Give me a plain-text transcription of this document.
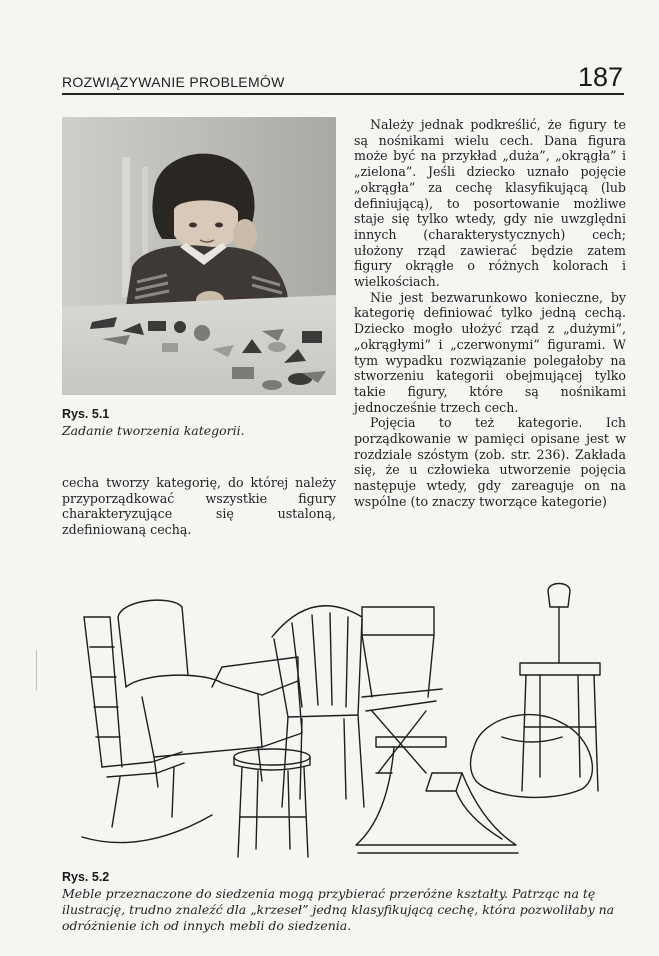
ROZWIĄZYWANIE PROBLEMÓW	187
Rys. 5.1
Zadanie tworzenia kategorii.

cecha tworzy kategorię, do której należy przyporządkować wszystkie figury charakteryzujące się ustaloną, zdefiniowaną cechą.

Należy jednak podkreślić, że figury te są nośnikami wielu cech. Dana figura może być na przykład „duża”, „okrągła” i „zielona”. Jeśli dziecko uznało pojęcie „okrągła” za cechę klasyfikującą (lub definiującą), to posortowanie możliwe staje się tylko wtedy, gdy nie uwzględni innych (charakterystycznych) cech; ułożony rząd zawierać będzie zatem figury okrągłe o różnych kolorach i wielkościach.

Nie jest bezwarunkowo konieczne, by kategorię definiować tylko jedną cechą. Dziecko mogło ułożyć rząd z „dużymi”, „okrągłymi” i „czerwonymi” figurami. W tym wypadku rozwiązanie polegałoby na stworzeniu kategorii obejmującej tylko takie figury, które są nośnikami jednocześnie trzech cech.

Pojęcia to też kategorie. Ich porządkowanie w pamięci opisane jest w rozdziale szóstym (zob. str. 236). Zakłada się, że u człowieka utworzenie pojęcia następuje wtedy, gdy zareaguje on na wspólne (to znaczy tworzące kategorie)

Rys. 5.2
Meble przeznaczone do siedzenia mogą przybierać przeróżne kształty. Patrząc na tę ilustrację, trudno znaleźć dla „krzeseł” jedną klasyfikującą cechę, która pozwoliłaby na odróżnienie ich od innych mebli do siedzenia.
